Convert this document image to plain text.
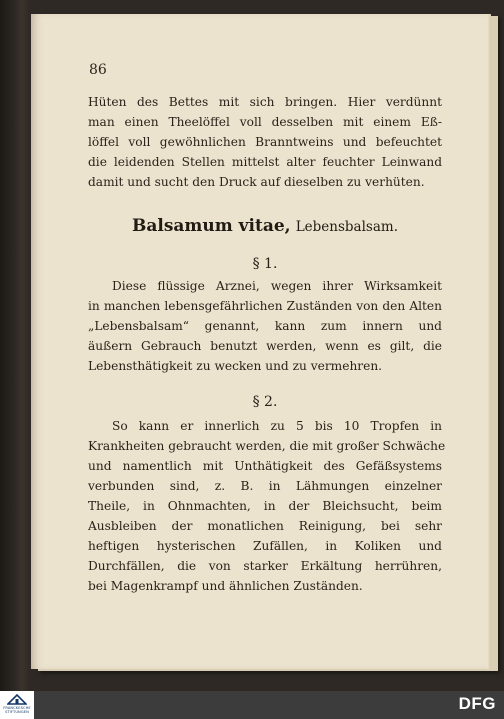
86
Hüten des Bettes mit sich bringen. Hier verdünnt
man einen Theelöffel voll desselben mit einem Eß-
löffel voll gewöhnlichen Branntweins und befeuchtet
die leidenden Stellen mittelst alter feuchter Leinwand
damit und sucht den Druck auf dieselben zu verhüten.
Balsamum vitae, Lebensbalsam.
§ 1.
Diese flüssige Arznei, wegen ihrer Wirksamkeit
in manchen lebensgefährlichen Zuständen von den Alten
„Lebensbalsam“ genannt, kann zum innern und
äußern Gebrauch benutzt werden, wenn es gilt, die
Lebensthätigkeit zu wecken und zu vermehren.
§ 2.
So kann er innerlich zu 5 bis 10 Tropfen in
Krankheiten gebraucht werden, die mit großer Schwäche
und namentlich mit Unthätigkeit des Gefäßsystems
verbunden sind, z. B. in Lähmungen einzelner
Theile, in Ohnmachten, in der Bleichsucht, beim
Ausbleiben der monatlichen Reinigung, bei sehr
heftigen hysterischen Zufällen, in Koliken und
Durchfällen, die von starker Erkältung herrühren,
bei Magenkrampf und ähnlichen Zuständen.
FRANCKESCHE STIFTUNGEN	DFG
